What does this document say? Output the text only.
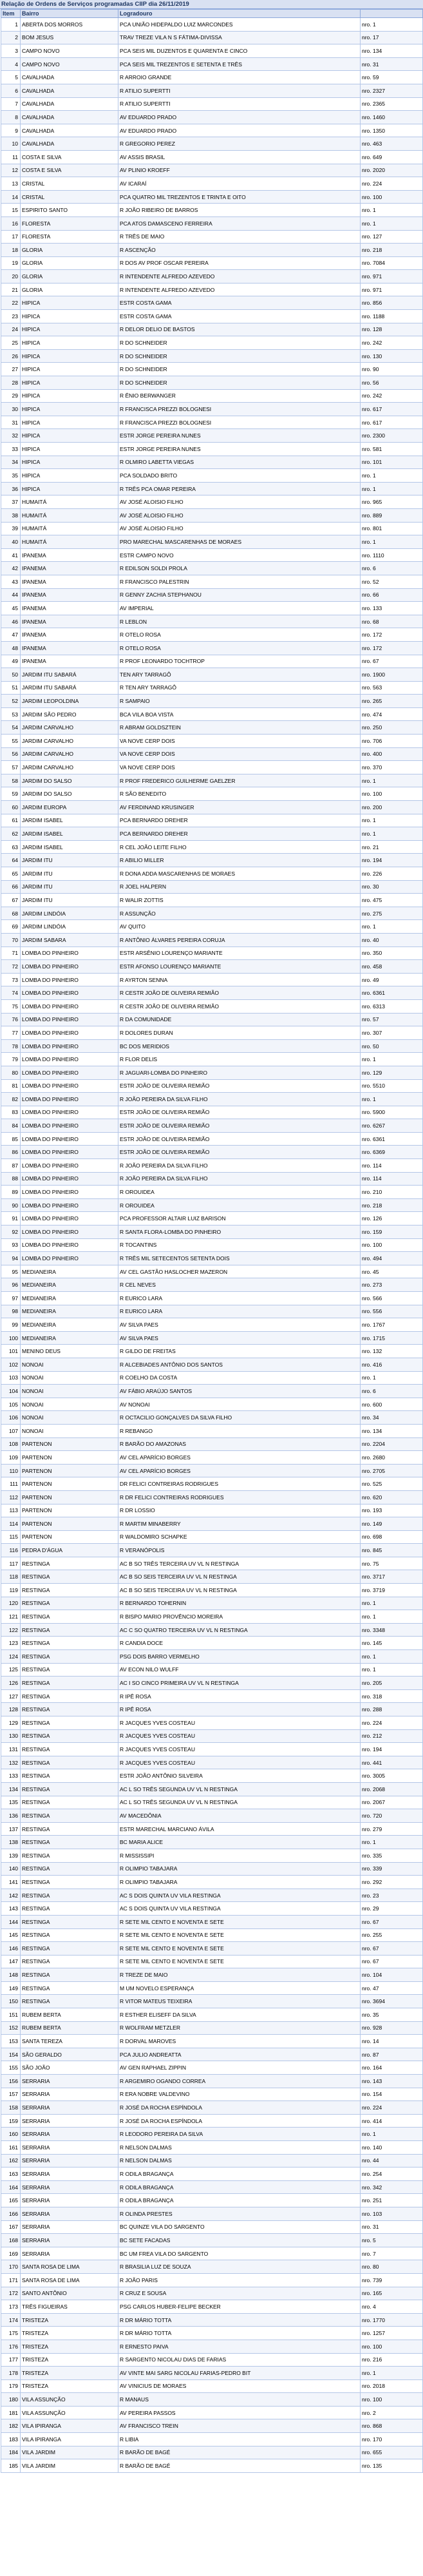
Relação de Ordens de Serviços programadas CIIP dia 26/11/2019
Item	Bairro	Logradouro	
1	ABERTA DOS MORROS	PCA UNIÃO HIDEPALDO LUIZ MARCONDES	nro. 1
2	BOM JESUS	TRAV TREZE VILA N S FÁTIMA-DIVISSA	nro. 17
3	CAMPO NOVO	PCA SEIS MIL DUZENTOS E QUARENTA E CINCO	nro. 134
4	CAMPO NOVO	PCA SEIS MIL TREZENTOS E SETENTA E TRÊS	nro. 31
5	CAVALHADA	R ARROIO GRANDE	nro. 59
6	CAVALHADA	R ATILIO SUPERTTI	nro. 2327
7	CAVALHADA	R ATILIO SUPERTTI	nro. 2365
8	CAVALHADA	AV EDUARDO PRADO	nro. 1460
9	CAVALHADA	AV EDUARDO PRADO	nro. 1350
10	CAVALHADA	R GREGORIO PEREZ	nro. 463
11	COSTA E SILVA	AV ASSIS BRASIL	nro. 649
12	COSTA E SILVA	AV PLINIO KROEFF	nro. 2020
13	CRISTAL	AV ICARAÍ	nro. 224
14	CRISTAL	PCA QUATRO MIL TREZENTOS E TRINTA E OITO	nro. 100
15	ESPIRITO SANTO	R JOÃO RIBEIRO DE BARROS	nro. 1
16	FLORESTA	PCA ATOS DAMASCENO FERREIRA	nro. 1
17	FLORESTA	R TRÊS DE MAIO	nro. 127
18	GLORIA	R ASCENÇÃO	nro. 218
19	GLORIA	R DOS AV PROF OSCAR PEREIRA	nro. 7084
20	GLORIA	R INTENDENTE ALFREDO AZEVEDO	nro. 971
21	GLORIA	R INTENDENTE ALFREDO AZEVEDO	nro. 971
22	HIPICA	ESTR COSTA GAMA	nro. 856
23	HIPICA	ESTR COSTA GAMA	nro. 1188
24	HIPICA	R DELOR DELIO DE BASTOS	nro. 128
25	HIPICA	R DO SCHNEIDER	nro. 242
26	HIPICA	R DO SCHNEIDER	nro. 130
27	HIPICA	R DO SCHNEIDER	nro. 90
28	HIPICA	R DO SCHNEIDER	nro. 56
29	HIPICA	R ÊNIO BERWANGER	nro. 242
30	HIPICA	R FRANCISCA PREZZI BOLOGNESI	nro. 617
31	HIPICA	R FRANCISCA PREZZI BOLOGNESI	nro. 617
32	HIPICA	ESTR JORGE PEREIRA NUNES	nro. 2300
33	HIPICA	ESTR JORGE PEREIRA NUNES	nro. 581
34	HIPICA	R OLMIRO LABETTA VIEGAS	nro. 101
35	HIPICA	PCA SOLDADO BRITO	nro. 1
36	HIPICA	R TRÊS PCA OMAR PEREIRA	nro. 1
37	HUMAITÁ	AV JOSÉ ALOISIO FILHO	nro. 965
38	HUMAITÁ	AV JOSÉ ALOISIO FILHO	nro. 889
39	HUMAITÁ	AV JOSÉ ALOISIO FILHO	nro. 801
40	HUMAITÁ	PRO MARECHAL MASCARENHAS DE MORAES	nro. 1
41	IPANEMA	ESTR CAMPO NOVO	nro. 1110
42	IPANEMA	R EDILSON SOLDI PROLA	nro. 6
43	IPANEMA	R FRANCISCO PALESTRIN	nro. 52
44	IPANEMA	R GENNY ZACHIA STEPHANOU	nro. 66
45	IPANEMA	AV IMPERIAL	nro. 133
46	IPANEMA	R LEBLON	nro. 68
47	IPANEMA	R OTELO ROSA	nro. 172
48	IPANEMA	R OTELO ROSA	nro. 172
49	IPANEMA	R PROF LEONARDO TOCHTROP	nro. 67
50	JARDIM ITU SABARÁ	TEN ARY TARRAGÔ	nro. 1900
51	JARDIM ITU SABARÁ	R TEN ARY TARRAGÔ	nro. 563
52	JARDIM LEOPOLDINA	R SAMPAIO	nro. 265
53	JARDIM SÃO PEDRO	BCA VILA BOA VISTA	nro. 474
54	JARDIM CARVALHO	R ABRAM GOLDSZTEIN	nro. 250
55	JARDIM CARVALHO	VA NOVE CERP DOIS	nro. 706
56	JARDIM CARVALHO	VA NOVE CERP DOIS	nro. 400
57	JARDIM CARVALHO	VA NOVE CERP DOIS	nro. 370
58	JARDIM DO SALSO	R PROF FREDERICO GUILHERME GAELZER	nro. 1
59	JARDIM DO SALSO	R SÃO BENEDITO	nro. 100
60	JARDIM EUROPA	AV FERDINAND KRUSINGER	nro. 200
61	JARDIM ISABEL	PCA BERNARDO DREHER	nro. 1
62	JARDIM ISABEL	PCA BERNARDO DREHER	nro. 1
63	JARDIM ISABEL	R CEL JOÃO LEITE FILHO	nro. 21
64	JARDIM ITU	R ABILIO MILLER	nro. 194
65	JARDIM ITU	R DONA ADDA MASCARENHAS DE MORAES	nro. 226
66	JARDIM ITU	R JOEL HALPERN	nro. 30
67	JARDIM ITU	R WALIR ZOTTIS	nro. 475
68	JARDIM LINDÓIA	R ASSUNÇÃO	nro. 275
69	JARDIM LINDÓIA	AV QUITO	nro. 1
70	JARDIM SABARA	R ANTÔNIO ÁLVARES PEREIRA CORUJA	nro. 40
71	LOMBA DO PINHEIRO	ESTR ARSÊNIO LOURENÇO MARIANTE	nro. 350
72	LOMBA DO PINHEIRO	ESTR AFONSO LOURENÇO MARIANTE	nro. 458
73	LOMBA DO PINHEIRO	R AYRTON SENNA	nro. 49
74	LOMBA DO PINHEIRO	R CESTR JOÃO DE OLIVEIRA REMIÃO	nro. 6361
75	LOMBA DO PINHEIRO	R CESTR JOÃO DE OLIVEIRA REMIÃO	nro. 6313
76	LOMBA DO PINHEIRO	R DA COMUNIDADE	nro. 57
77	LOMBA DO PINHEIRO	R DOLORES DURAN	nro. 307
78	LOMBA DO PINHEIRO	BC DOS MERIDIOS	nro. 50
79	LOMBA DO PINHEIRO	R FLOR DELIS	nro. 1
80	LOMBA DO PINHEIRO	R JAGUARI-LOMBA DO PINHEIRO	nro. 129
81	LOMBA DO PINHEIRO	ESTR JOÃO DE OLIVEIRA REMIÃO	nro. 5510
82	LOMBA DO PINHEIRO	R JOÃO PEREIRA DA SILVA FILHO	nro. 1
83	LOMBA DO PINHEIRO	ESTR JOÃO DE OLIVEIRA REMIÃO	nro. 5900
84	LOMBA DO PINHEIRO	ESTR JOÃO DE OLIVEIRA REMIÃO	nro. 6267
85	LOMBA DO PINHEIRO	ESTR JOÃO DE OLIVEIRA REMIÃO	nro. 6361
86	LOMBA DO PINHEIRO	ESTR JOÃO DE OLIVEIRA REMIÃO	nro. 6369
87	LOMBA DO PINHEIRO	R JOÃO PEREIRA DA SILVA FILHO	nro. 114
88	LOMBA DO PINHEIRO	R JOÃO PEREIRA DA SILVA FILHO	nro. 114
89	LOMBA DO PINHEIRO	R OROUIDEA	nro. 210
90	LOMBA DO PINHEIRO	R OROUIDEA	nro. 218
91	LOMBA DO PINHEIRO	PCA PROFESSOR ALTAIR LUIZ BARISON	nro. 126
92	LOMBA DO PINHEIRO	R SANTA FLORA-LOMBA DO PINHEIRO	nro. 159
93	LOMBA DO PINHEIRO	R TOCANTINS	nro. 100
94	LOMBA DO PINHEIRO	R TRÊS MIL SETECENTOS SETENTA DOIS	nro. 494
95	MEDIANEIRA	AV CEL GASTÃO HASLOCHER MAZERON	nro. 45
96	MEDIANEIRA	R CEL NEVES	nro. 273
97	MEDIANEIRA	R EURICO LARA	nro. 566
98	MEDIANEIRA	R EURICO LARA	nro. 556
99	MEDIANEIRA	AV SILVA PAES	nro. 1767
100	MEDIANEIRA	AV SILVA PAES	nro. 1715
101	MENINO DEUS	R GILDO DE FREITAS	nro. 132
102	NONOAI	R ALCEBIADES ANTÔNIO DOS SANTOS	nro. 416
103	NONOAI	R COELHO DA COSTA	nro. 1
104	NONOAI	AV FÁBIO ARAÚJO SANTOS	nro. 6
105	NONOAI	AV NONOAI	nro. 600
106	NONOAI	R OCTACILIO GONÇALVES DA SILVA FILHO	nro. 34
107	NONOAI	R REBANGO	nro. 134
108	PARTENON	R BARÃO DO AMAZONAS	nro. 2204
109	PARTENON	AV CEL APARÍCIO BORGES	nro. 2680
110	PARTENON	AV CEL APARÍCIO BORGES	nro. 2705
111	PARTENON	DR FELICI CONTREIRAS RODRIGUES	nro. 525
112	PARTENON	R DR FELICI CONTREIRAS RODRIGUES	nro. 620
113	PARTENON	R DR LOSSIO	nro. 193
114	PARTENON	R MARTIM MINABERRY	nro. 149
115	PARTENON	R WALDOMIRO SCHAPKE	nro. 698
116	PEDRA D'ÁGUA	R VERANÓPOLIS	nro. 845
117	RESTINGA	AC B SO TRÊS TERCEIRA UV VL N RESTINGA	nro. 75
118	RESTINGA	AC B SO SEIS TERCEIRA UV VL N RESTINGA	nro. 3717
119	RESTINGA	AC B SO SEIS TERCEIRA UV VL N RESTINGA	nro. 3719
120	RESTINGA	R BERNARDO TOHERNIN	nro. 1
121	RESTINGA	R BISPO MARIO PROVÊNCIO MOREIRA	nro. 1
122	RESTINGA	AC C SO QUATRO TERCEIRA UV VL N RESTINGA	nro. 3348
123	RESTINGA	R CANDIA DOCE	nro. 145
124	RESTINGA	PSG DOIS BARRO VERMELHO	nro. 1
125	RESTINGA	AV ECON NILO WULFF	nro. 1
126	RESTINGA	AC I SO CINCO PRIMEIRA UV VL N RESTINGA	nro. 205
127	RESTINGA	R IPÊ ROSA	nro. 318
128	RESTINGA	R IPÊ ROSA	nro. 288
129	RESTINGA	R JACQUES YVES COSTEAU	nro. 224
130	RESTINGA	R JACQUES YVES COSTEAU	nro. 212
131	RESTINGA	R JACQUES YVES COSTEAU	nro. 194
132	RESTINGA	R JACQUES YVES COSTEAU	nro. 441
133	RESTINGA	ESTR JOÃO ANTÔNIO SILVEIRA	nro. 3005
134	RESTINGA	AC L SO TRÊS SEGUNDA UV VL N RESTINGA	nro. 2068
135	RESTINGA	AC L SO TRÊS SEGUNDA UV VL N RESTINGA	nro. 2067
136	RESTINGA	AV MACEDÔNIA	nro. 720
137	RESTINGA	ESTR MARECHAL MARCIANO ÁVILA	nro. 279
138	RESTINGA	BC MARIA ALICE	nro. 1
139	RESTINGA	R MISSISSIPI	nro. 335
140	RESTINGA	R OLIMPIO TABAJARA	nro. 339
141	RESTINGA	R OLIMPIO TABAJARA	nro. 292
142	RESTINGA	AC S DOIS QUINTA UV VILA RESTINGA	nro. 23
143	RESTINGA	AC S DOIS QUINTA UV VILA RESTINGA	nro. 29
144	RESTINGA	R SETE MIL CENTO E NOVENTA E SETE	nro. 67
145	RESTINGA	R SETE MIL CENTO E NOVENTA E SETE	nro. 255
146	RESTINGA	R SETE MIL CENTO E NOVENTA E SETE	nro. 67
147	RESTINGA	R SETE MIL CENTO E NOVENTA E SETE	nro. 67
148	RESTINGA	R TREZE DE MAIO	nro. 104
149	RESTINGA	M UM NOVELO ESPERANÇA	nro. 47
150	RESTINGA	R VITOR MATEUS TEIXEIRA	nro. 3694
151	RUBEM BERTA	R ESTHER ELISEFF DA SILVA	nro. 35
152	RUBEM BERTA	R WOLFRAM METZLER	nro. 928
153	SANTA TEREZA	R DORVAL MAROVES	nro. 14
154	SÃO GERALDO	PCA JULIO ANDREATTA	nro. 87
155	SÃO JOÃO	AV GEN RAPHAEL ZIPPIN	nro. 164
156	SERRARIA	R ARGEMIRO OGANDO CORREA	nro. 143
157	SERRARIA	R ERA NOBRE VALDEVINO	nro. 154
158	SERRARIA	R JOSÉ DA ROCHA ESPÍNDOLA	nro. 224
159	SERRARIA	R JOSÉ DA ROCHA ESPÍNDOLA	nro. 414
160	SERRARIA	R LEODORO PEREIRA DA SILVA	nro. 1
161	SERRARIA	R NELSON DALMAS	nro. 140
162	SERRARIA	R NELSON DALMAS	nro. 44
163	SERRARIA	R ODILA BRAGANÇA	nro. 254
164	SERRARIA	R ODILA BRAGANÇA	nro. 342
165	SERRARIA	R ODILA BRAGANÇA	nro. 251
166	SERRARIA	R OLINDA PRESTES	nro. 103
167	SERRARIA	BC QUINZE VILA DO SARGENTO	nro. 31
168	SERRARIA	BC SETE FACADAS	nro. 5
169	SERRARIA	BC UM FREA VILA DO SARGENTO	nro. 7
170	SANTA ROSA DE LIMA	R BRASILIA LUZ DE SOUZA	nro. 80
171	SANTA ROSA DE LIMA	R JOÃO PARIS	nro. 739
172	SANTO ANTÔNIO	R CRUZ E SOUSA	nro. 165
173	TRÊS FIGUEIRAS	PSG CARLOS HUBER-FELIPE BECKER	nro. 4
174	TRISTEZA	R DR MÁRIO TOTTA	nro. 1770
175	TRISTEZA	R DR MÁRIO TOTTA	nro. 1257
176	TRISTEZA	R ERNESTO PAIVA	nro. 100
177	TRISTEZA	R SARGENTO NICOLAU DIAS DE FARIAS	nro. 216
178	TRISTEZA	AV VINTE MAI SARG NICOLAU FARIAS-PEDRO BIT	nro. 1
179	TRISTEZA	AV VINICIUS DE MORAES	nro. 2018
180	VILA ASSUNÇÃO	R MANAUS	nro. 100
181	VILA ASSUNÇÃO	AV PEREIRA PASSOS	nro. 2
182	VILA IPIRANGA	AV FRANCISCO TREIN	nro. 868
183	VILA IPIRANGA	R LIBIA	nro. 170
184	VILA JARDIM	R BARÃO DE BAGÉ	nro. 655
185	VILA JARDIM	R BARÃO DE BAGÉ	nro. 135
